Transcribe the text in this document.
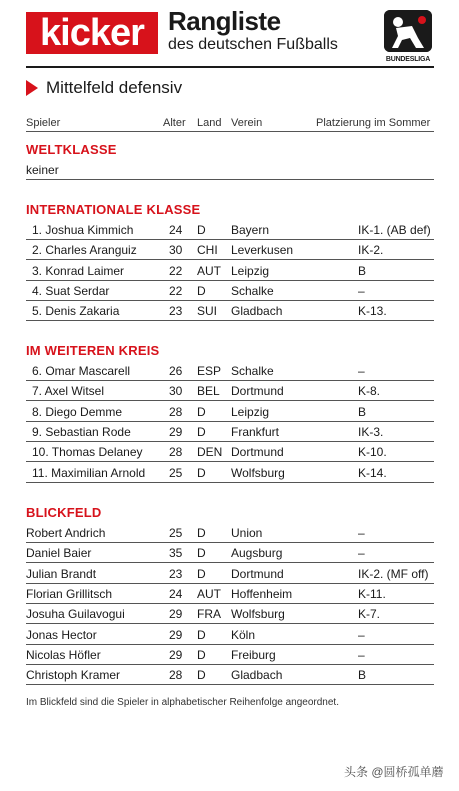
kicker Rangliste
des deutschen Fußballs
BUNDESLIGA
Mittelfeld defensiv
Spieler	Alter Land Verein	Platzierung im Sommer
WELTKLASSE
keiner
INTERNATIONALE KLASSE
1. Joshua Kimmich	24 D Bayern	IK-1. (AB def)
2. Charles Aranguiz	30 CHI Leverkusen	IK-2.
3. Konrad Laimer	22 AUT Leipzig	B
4. Suat Serdar	22 D Schalke	–
5. Denis Zakaria	23 SUI Gladbach	K-13.
IM WEITEREN KREIS
6. Omar Mascarell	26 ESP Schalke	–
7. Axel Witsel	30 BEL Dortmund	K-8.
8. Diego Demme	28 D Leipzig	B
9. Sebastian Rode	29 D Frankfurt	IK-3.
10. Thomas Delaney 28 DEN Dortmund	K-10.
11. Maximilian Arnold 25 D Wolfsburg	K-14.
BLICKFELD
Robert Andrich	25 D Union	–
Daniel Baier	35 D Augsburg	–
Julian Brandt	23 D Dortmund	IK-2. (MF off)
Florian Grillitsch	24 AUT Hoffenheim	K-11.
Josuha Guilavogui	29 FRA Wolfsburg	K-7.
Jonas Hector	29 D Köln	–
Nicolas Höfler	29 D Freiburg	–
Christoph Kramer	28 D Gladbach	B
Im Blickfeld sind die Spieler in alphabetischer Reihenfolge angeordnet.
头条 @圆桥孤单蘑
